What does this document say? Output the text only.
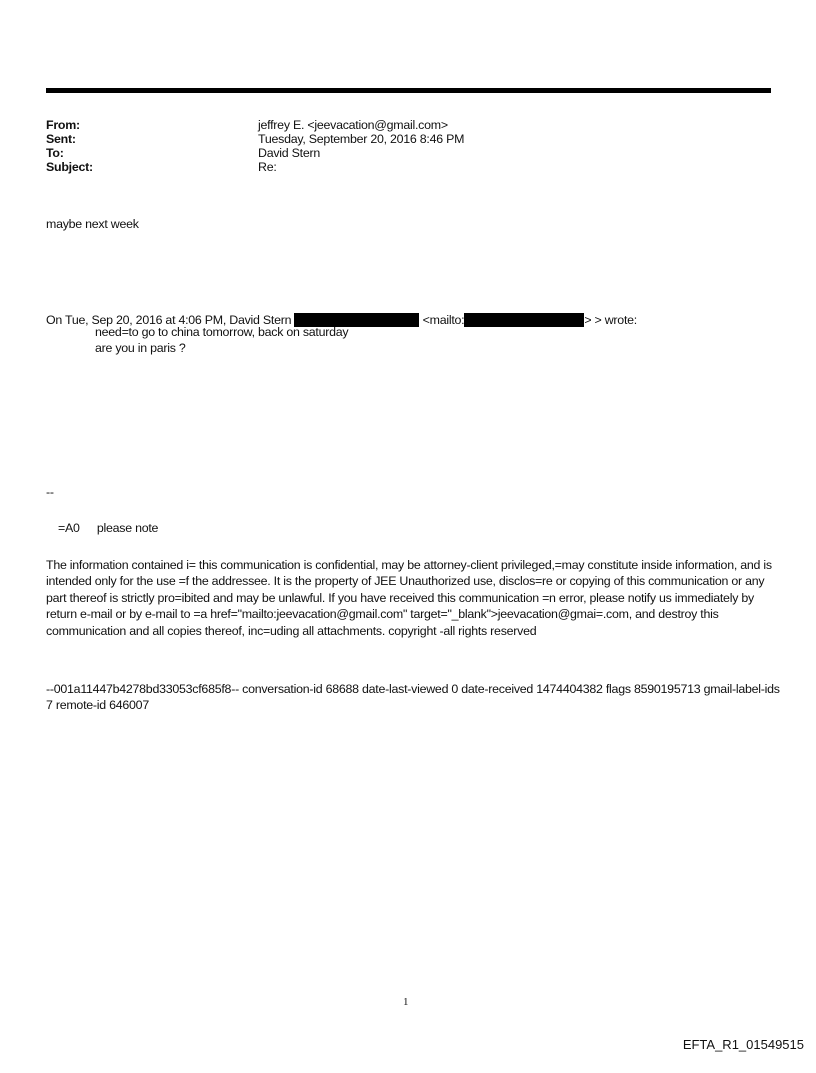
From:	jeffrey E. <jeevacation@gmail.com>
Sent:	Tuesday, September 20, 2016 8:46 PM
To:	David Stern
Subject:	Re:
maybe next week
On Tue, Sep 20, 2016 at 4:06 PM, David Stern	<mailto:	> > wrote:
need=to go to china tomorrow, back on saturday
are you in paris ?
--
=A0 please note
The information contained i= this communication is confidential, may be attorney-client privileged,=may constitute inside information, and is intended only for the use =f the addressee. It is the property of JEE Unauthorized use, disclos=re or copying of this communication or any part thereof is strictly pro=ibited and may be unlawful. If you have received this communication =n error, please notify us immediately by return e-mail or by e-mail to =a href="mailto:jeevacation@gmail.com" target="_blank">jeevacation@gmai=.com, and destroy this communication and all copies thereof, inc=uding all attachments. copyright -all rights reserved
--001a11447b4278bd33053cf685f8-- conversation-id 68688 date-last-viewed 0 date-received 1474404382 flags 8590195713 gmail-label-ids 7 remote-id 646007
1
EFTA_R1_01549515
